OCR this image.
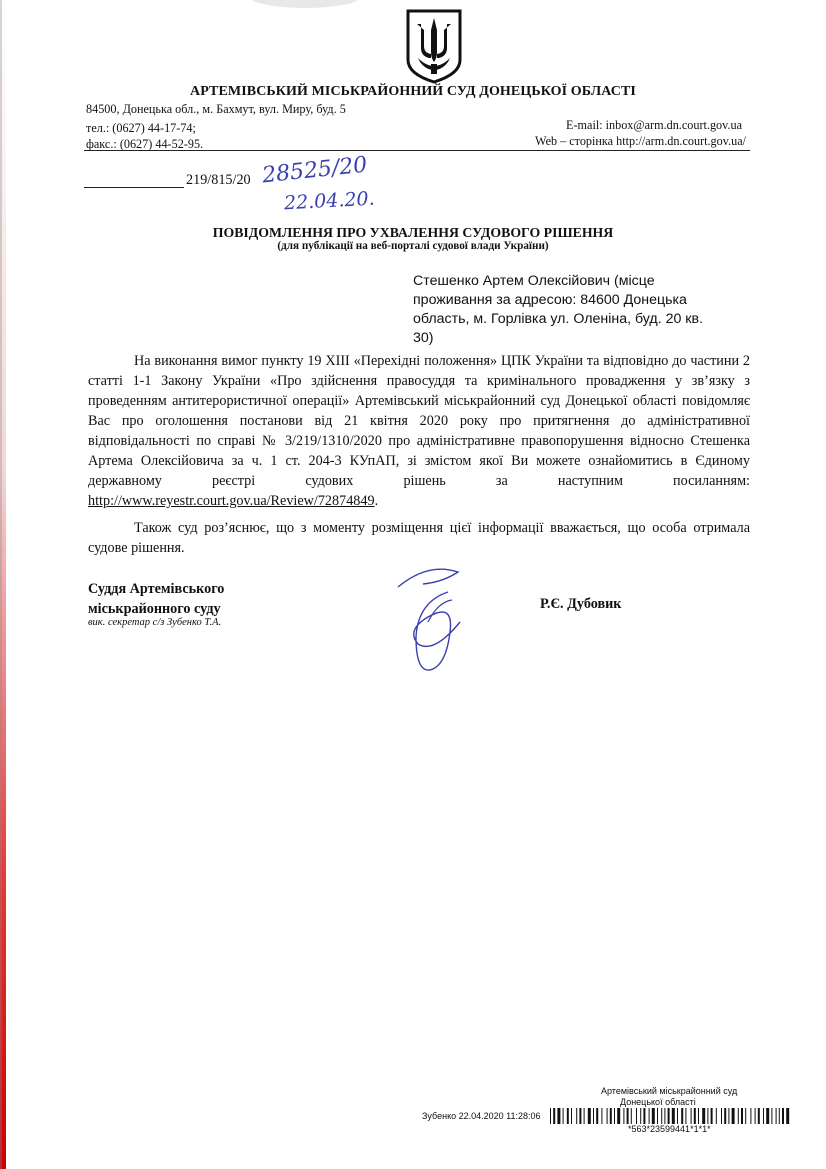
АРТЕМІВСЬКИЙ МІСЬКРАЙОННИЙ СУД ДОНЕЦЬКОЇ ОБЛАСТІ
84500, Донецька обл., м. Бахмут, вул. Миру, буд. 5
тел.: (0627) 44-17-74;	E-mail: inbox@arm.dn.court.gov.ua
факс.: (0627) 44-52-95.	Web – сторінка http://arm.dn.court.gov.ua/
219/815/20 28525/20
22.04.20.
ПОВІДОМЛЕННЯ ПРО УХВАЛЕННЯ СУДОВОГО РІШЕННЯ
(для публікації на веб-порталі судової влади України)
Стешенко Артем Олексійович (місце проживання за адресою: 84600 Донецька область, м. Горлівка ул. Оленіна, буд. 20 кв. 30)
На виконання вимог пункту 19 ХІІІ «Перехідні положення» ЦПК України та відповідно до частини 2 статті 1-1 Закону України «Про здійснення правосуддя та кримінального провадження у зв’язку з проведенням антитерористичної операції» Артемівський міськрайонний суд Донецької області повідомляє Вас про оголошення постанови від 21 квітня 2020 року про притягнення до адміністративної відповідальності по справі № 3/219/1310/2020 про адміністративне правопорушення відносно Стешенка Артема Олексійовича за ч. 1 ст. 204-3 КУпАП, зі змістом якої Ви можете ознайомитись в Єдиному державному реєстрі судових рішень за наступним посиланням: http://www.reyestr.court.gov.ua/Review/72874849.
Також суд роз’яснює, що з моменту розміщення цієї інформації вважається, що особа отримала судове рішення.
Суддя Артемівського
міськрайонного суду
вик. секретар с/з Зубенко Т.А.
Р.Є. Дубовик
Артемівський міськрайонний суд
Донецької області
Зубенко 22.04.2020 11:28:06
*563*23599441*1*1*
